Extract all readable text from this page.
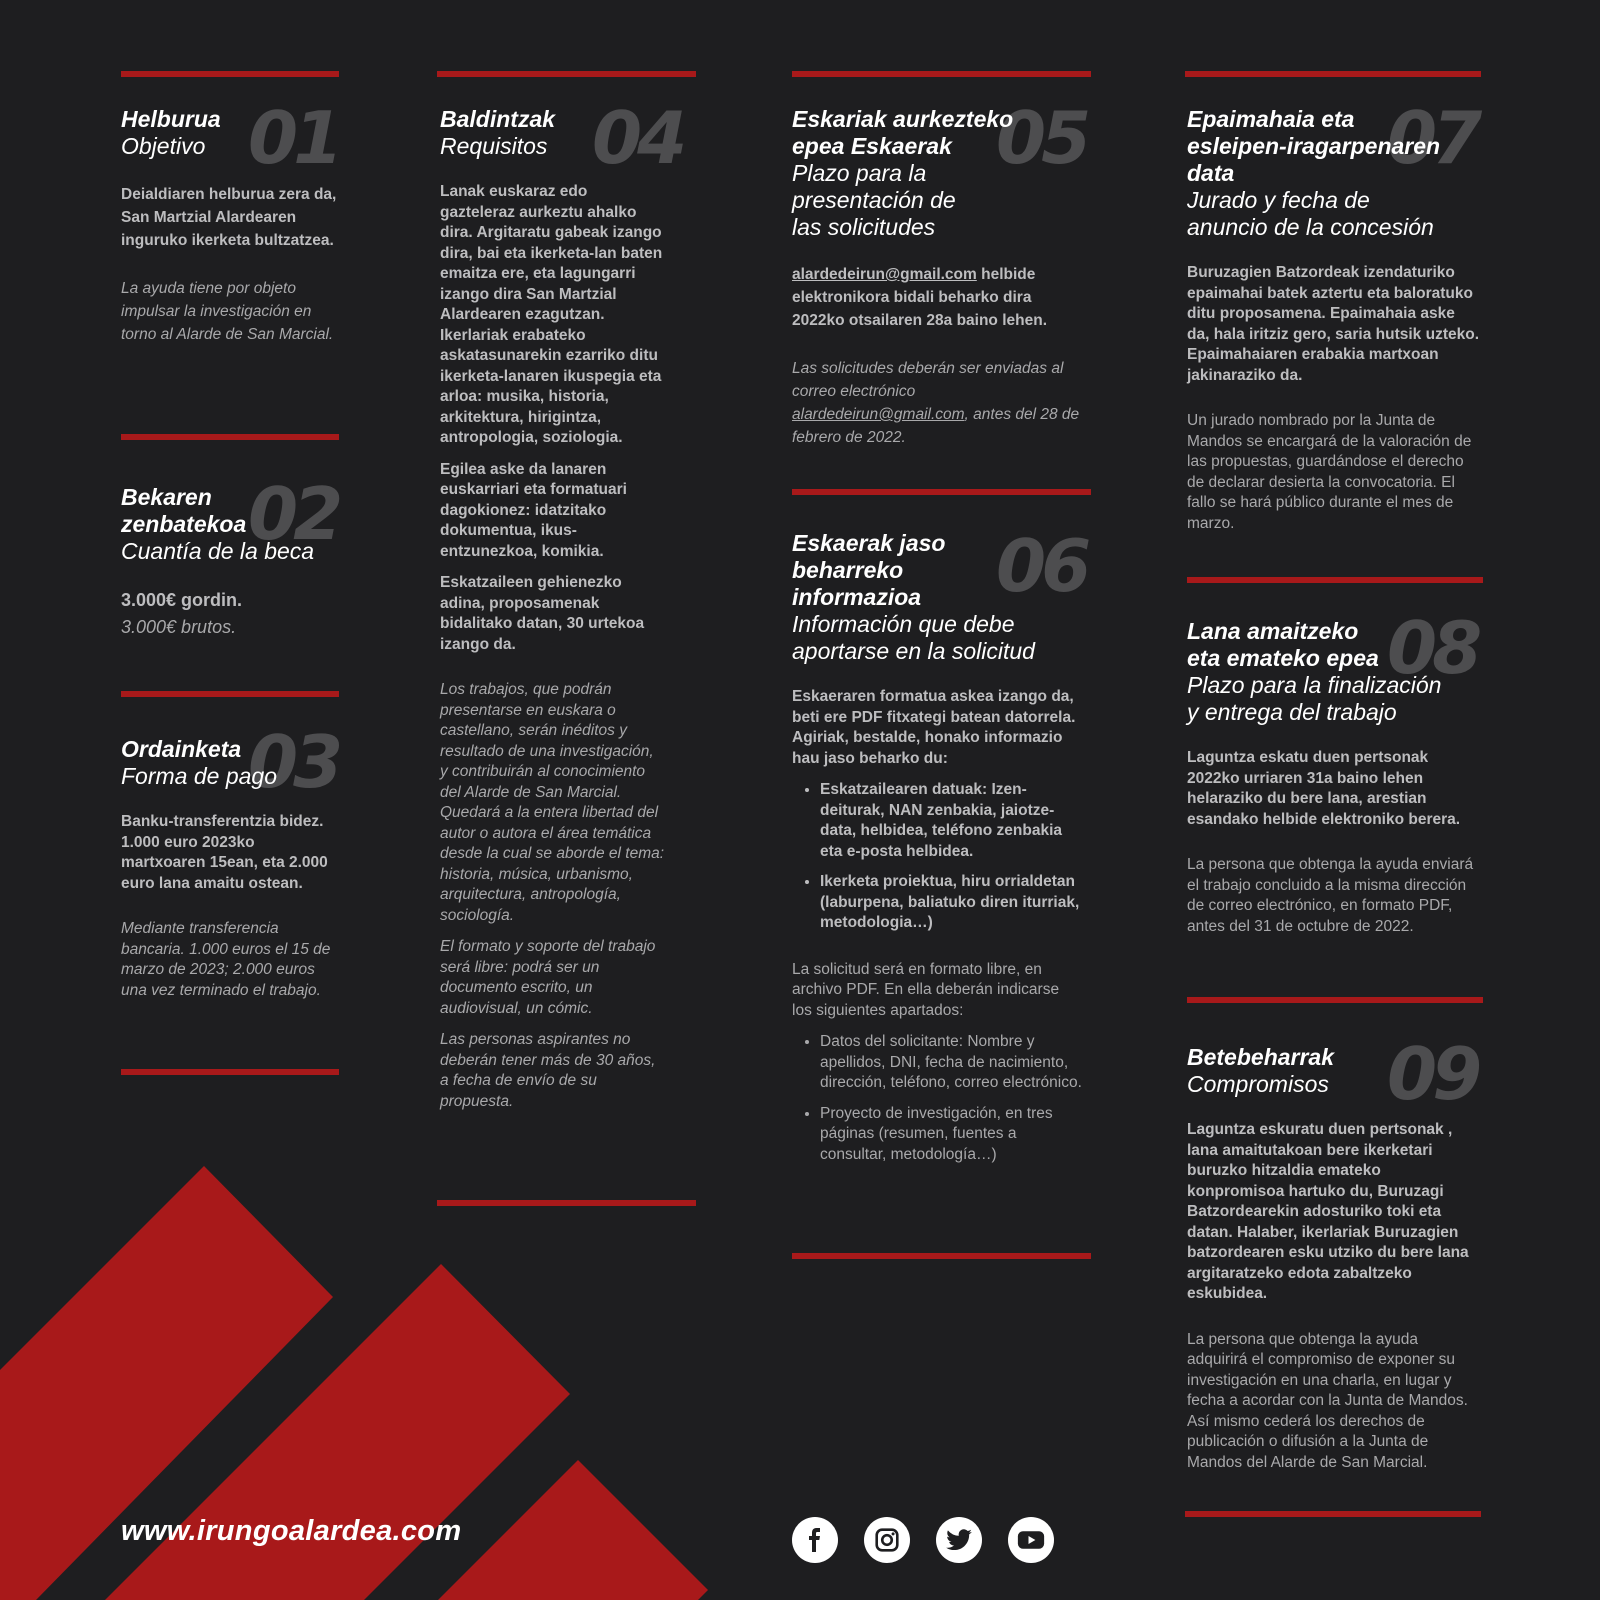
01
Helburua
Objetivo

Deialdiaren helburua zera da, San Martzial Alardearen inguruko ikerketa bultzatzea.

La ayuda tiene por objeto impulsar la investigación en torno al Alarde de San Marcial.

02
Bekaren
zenbatekoa
Cuantía de la beca
3.000€ gordin.
3.000€ brutos.
03
Ordainketa
Forma de pago

Banku-transferentzia bidez. 1.000 euro 2023ko martxoaren 15ean, eta 2.000 euro lana amaitu ostean.

Mediante transferencia bancaria. 1.000 euros el 15 de marzo de 2023; 2.000 euros una vez terminado el trabajo.

04
Baldintzak
Requisitos

Lanak euskaraz edo gazteleraz aurkeztu ahalko dira. Argitaratu gabeak izango dira, bai eta ikerketa-lan baten emaitza ere, eta lagungarri izango dira San Martzial Alardearen ezagutzan. Ikerlariak erabateko askatasunarekin ezarriko ditu ikerketa-lanaren ikuspegia eta arloa: musika, historia, arkitektura, hirigintza, antropologia, soziologia.

Egilea aske da lanaren euskarriari eta formatuari dagokionez: idatzitako dokumentua, ikus-entzunezkoa, komikia.

Eskatzaileen gehienezko adina, proposamenak bidalitako datan, 30 urtekoa izango da.

Los trabajos, que podrán presentarse en euskara o castellano, serán inéditos y resultado de una investigación, y contribuirán al conocimiento del Alarde de San Marcial. Quedará a la entera libertad del autor o autora el área temática desde la cual se aborde el tema: historia, música, urbanismo, arquitectura, antropología, sociología.

El formato y soporte del trabajo será libre: podrá ser un documento escrito, un audiovisual, un cómic.

Las personas aspirantes no deberán tener más de 30 años, a fecha de envío de su propuesta.

05
Eskariak aurkezteko
epea Eskaerak
Plazo para la
presentación de
las solicitudes

alardedeirun@gmail.com helbide elektronikora bidali beharko dira 2022ko otsailaren 28a baino lehen.

Las solicitudes deberán ser enviadas al correo electrónico alardedeirun@gmail.com, antes del 28 de febrero de 2022.

06
Eskaerak jaso
beharreko
informazioa
Información que debe
aportarse en la solicitud

Eskaeraren formatua askea izango da, beti ere PDF fitxategi batean datorrela. Agiriak, bestalde, honako informazio hau jaso beharko du:

• Eskatzailearen datuak: Izen-deiturak, NAN zenbakia, jaiotze-data, helbidea, teléfono zenbakia eta e-posta helbidea.
• Ikerketa proiektua, hiru orrialdetan (laburpena, baliatuko diren iturriak, metodologia…)

La solicitud será en formato libre, en archivo PDF. En ella deberán indicarse los siguientes apartados:

• Datos del solicitante: Nombre y apellidos, DNI, fecha de nacimiento, dirección, teléfono, correo electrónico.
• Proyecto de investigación, en tres páginas (resumen, fuentes a consultar, metodología…)
07
Epaimahaia eta
esleipen-iragarpenaren
data
Jurado y fecha de
anuncio de la concesión

Buruzagien Batzordeak izendaturiko epaimahai batek aztertu eta baloratuko ditu proposamena. Epaimahaia aske da, hala iritziz gero, saria hutsik uzteko. Epaimahaiaren erabakia martxoan jakinaraziko da.

Un jurado nombrado por la Junta de Mandos se encargará de la valoración de las propuestas, guardándose el derecho de declarar desierta la convocatoria. El fallo se hará público durante el mes de marzo.

08
Lana amaitzeko
eta emateko epea
Plazo para la finalización
y entrega del trabajo

Laguntza eskatu duen pertsonak 2022ko urriaren 31a baino lehen helaraziko du bere lana, arestian esandako helbide elektroniko berera.

La persona que obtenga la ayuda enviará el trabajo concluido a la misma dirección de correo electrónico, en formato PDF, antes del 31 de octubre de 2022.

09
Betebeharrak
Compromisos

Laguntza eskuratu duen pertsonak , lana amaitutakoan bere ikerketari buruzko hitzaldia emateko konpromisoa hartuko du, Buruzagi Batzordearekin adosturiko toki eta datan. Halaber, ikerlariak Buruzagien batzordearen esku utziko du bere lana argitaratzeko edota zabaltzeko eskubidea.

La persona que obtenga la ayuda adquirirá el compromiso de exponer su investigación en una charla, en lugar y fecha a acordar con la Junta de Mandos. Así mismo cederá los derechos de publicación o difusión a la Junta de Mandos del Alarde de San Marcial.

www.irungoalardea.com
